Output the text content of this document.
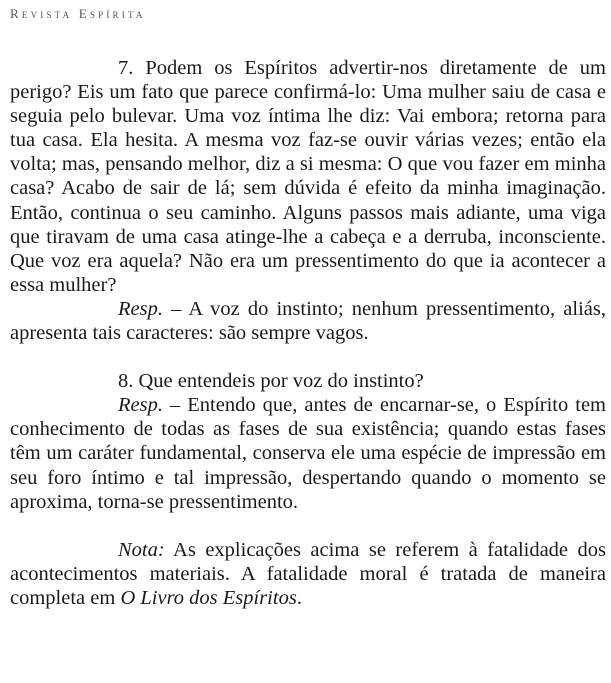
Revista Espírita

7. Podem os Espíritos advertir-nos diretamente de um perigo? Eis um fato que parece confirmá-lo: Uma mulher saiu de casa e seguia pelo bulevar. Uma voz íntima lhe diz: Vai embora; retorna para tua casa. Ela hesita. A mesma voz faz-se ouvir várias vezes; então ela volta; mas, pensando melhor, diz a si mesma: O que vou fazer em minha casa? Acabo de sair de lá; sem dúvida é efeito da minha imaginação. Então, continua o seu caminho. Alguns passos mais adiante, uma viga que tiravam de uma casa atinge-lhe a cabeça e a derruba, inconsciente. Que voz era aquela? Não era um pressentimento do que ia acontecer a essa mulher?

Resp. – A voz do instinto; nenhum pressentimento, aliás, apresenta tais caracteres: são sempre vagos.

8. Que entendeis por voz do instinto?

Resp. – Entendo que, antes de encarnar-se, o Espírito tem conhecimento de todas as fases de sua existência; quando estas fases têm um caráter fundamental, conserva ele uma espécie de impressão em seu foro íntimo e tal impressão, despertando quando o momento se aproxima, torna-se pressentimento.

Nota: As explicações acima se referem à fatalidade dos acontecimentos materiais. A fatalidade moral é tratada de maneira completa em O Livro dos Espíritos.
